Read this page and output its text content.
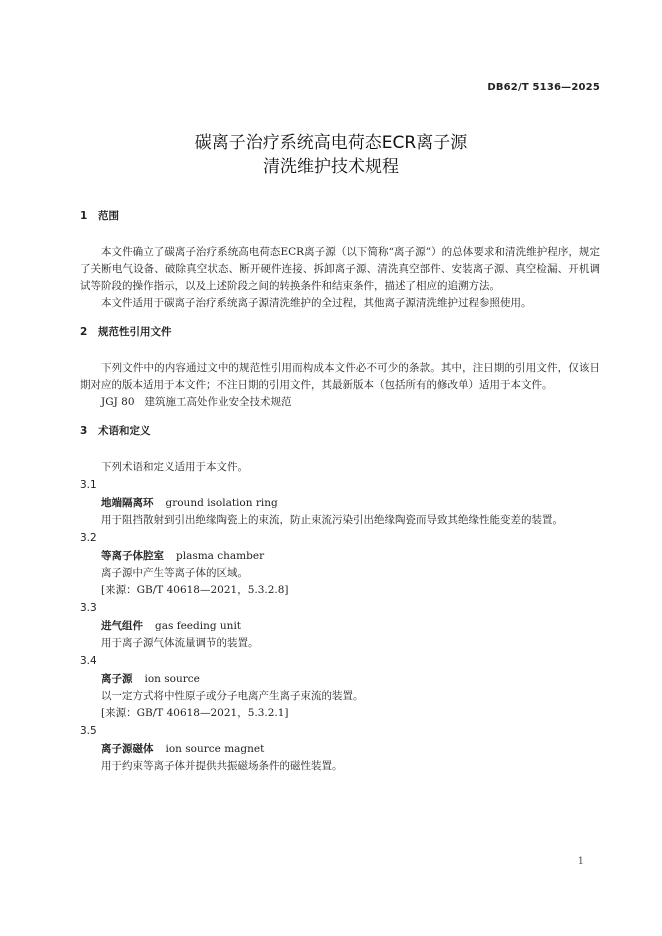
DB62/T 5136—2025
碳离子治疗系统高电荷态ECR离子源
清洗维护技术规程
1 范围

本文件确立了碳离子治疗系统高电荷态ECR离子源（以下简称“离子源”）的总体要求和清洗维护程序，规定了关断电气设备、破除真空状态、断开硬件连接、拆卸离子源、清洗真空部件、安装离子源、真空检漏、开机调试等阶段的操作指示，以及上述阶段之间的转换条件和结束条件，描述了相应的追溯方法。

本文件适用于碳离子治疗系统离子源清洗维护的全过程，其他离子源清洗维护过程参照使用。

2 规范性引用文件

下列文件中的内容通过文中的规范性引用而构成本文件必不可少的条款。其中，注日期的引用文件，仅该日期对应的版本适用于本文件；不注日期的引用文件，其最新版本（包括所有的修改单）适用于本文件。

JGJ 80 建筑施工高处作业安全技术规范
3 术语和定义

下列术语和定义适用于本文件。

3.1
地端隔离环 ground isolation ring

用于阻挡散射到引出绝缘陶瓷上的束流，防止束流污染引出绝缘陶瓷而导致其绝缘性能变差的装置。

3.2
等离子体腔室 plasma chamber

离子源中产生等离子体的区域。

[来源：GB/T 40618—2021，5.3.2.8]
3.3
进气组件 gas feeding unit

用于离子源气体流量调节的装置。

3.4
离子源 ion source

以一定方式将中性原子或分子电离产生离子束流的装置。

[来源：GB/T 40618—2021，5.3.2.1]
3.5
离子源磁体 ion source magnet

用于约束等离子体并提供共振磁场条件的磁性装置。

1
